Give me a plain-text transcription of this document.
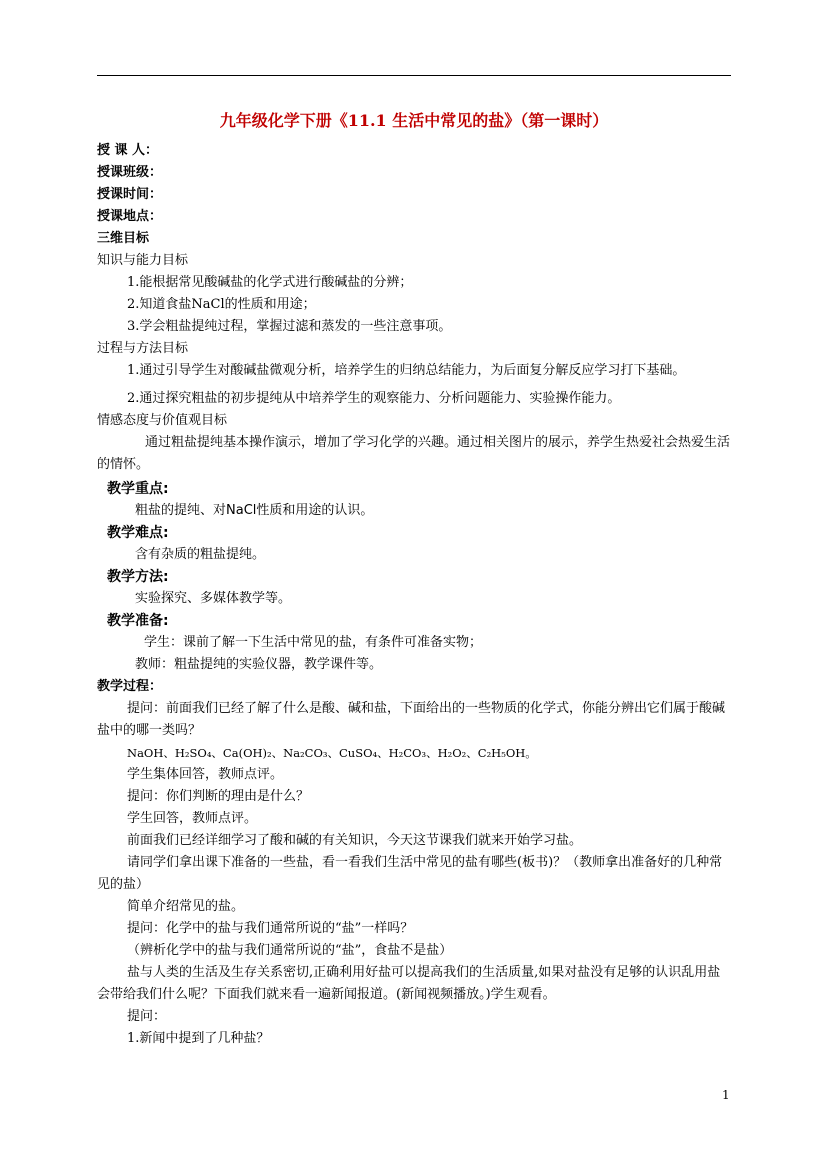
九年级化学下册《11.1 生活中常见的盐》（第一课时）
授 课 人：
授课班级：
授课时间：
授课地点：
三维目标
知识与能力目标
1.能根据常见酸碱盐的化学式进行酸碱盐的分辨；
2.知道食盐NaCl的性质和用途；
3.学会粗盐提纯过程，掌握过滤和蒸发的一些注意事项。
过程与方法目标
1.通过引导学生对酸碱盐微观分析，培养学生的归纳总结能力，为后面复分解反应学习打下基础。
2.通过探究粗盐的初步提纯从中培养学生的观察能力、分析问题能力、实验操作能力。
情感态度与价值观目标
通过粗盐提纯基本操作演示，增加了学习化学的兴趣。通过相关图片的展示，养学生热爱社会热爱生活的情怀。
教学重点:
粗盐的提纯、对NaCl性质和用途的认识。
教学难点:
含有杂质的粗盐提纯。
教学方法:
实验探究、多媒体教学等。
教学准备:
学生：课前了解一下生活中常见的盐，有条件可准备实物；
教师：粗盐提纯的实验仪器，教学课件等。
教学过程：
提问：前面我们已经了解了什么是酸、碱和盐，下面给出的一些物质的化学式，你能分辨出它们属于酸碱盐中的哪一类吗？
NaOH、H₂SO₄、Ca(OH)₂、Na₂CO₃、CuSO₄、H₂CO₃、H₂O₂、C₂H₅OH。
学生集体回答，教师点评。
提问：你们判断的理由是什么？
学生回答，教师点评。
前面我们已经详细学习了酸和碱的有关知识，今天这节课我们就来开始学习盐。
请同学们拿出课下准备的一些盐，看一看我们生活中常见的盐有哪些(板书)？（教师拿出准备好的几种常见的盐）
简单介绍常见的盐。
提问：化学中的盐与我们通常所说的“盐”一样吗？
（辨析化学中的盐与我们通常所说的“盐”，食盐不是盐）
盐与人类的生活及生存关系密切,正确利用好盐可以提高我们的生活质量,如果对盐没有足够的认识乱用盐会带给我们什么呢？下面我们就来看一遍新闻报道。(新闻视频播放。)学生观看。
提问：
1.新闻中提到了几种盐？
1
